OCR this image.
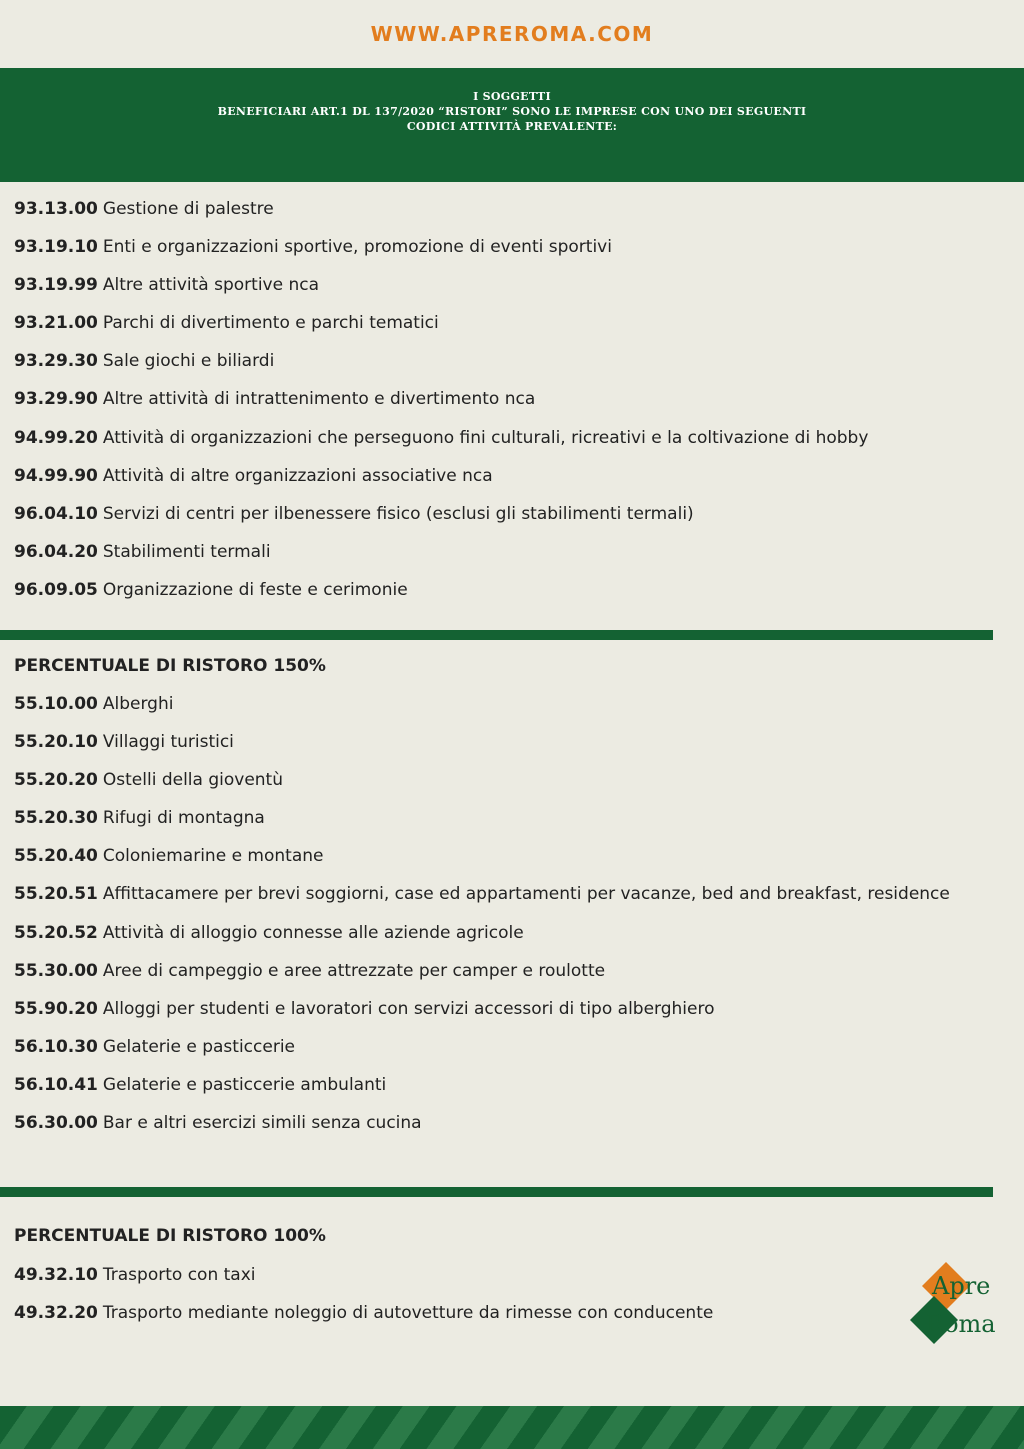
WWW.APREROMA.COM
I SOGGETTI
BENEFICIARI ART.1 DL 137/2020 “RISTORI” SONO LE IMPRESE CON UNO DEI SEGUENTI
CODICI ATTIVITÀ PREVALENTE:
93.13.00 Gestione di palestre
93.19.10 Enti e organizzazioni sportive, promozione di eventi sportivi
93.19.99 Altre attività sportive nca
93.21.00 Parchi di divertimento e parchi tematici
93.29.30 Sale giochi e biliardi
93.29.90 Altre attività di intrattenimento e divertimento nca
94.99.20 Attività di organizzazioni che perseguono fini culturali, ricreativi e la coltivazione di hobby
94.99.90 Attività di altre organizzazioni associative nca
96.04.10 Servizi di centri per ilbenessere fisico (esclusi gli stabilimenti termali)
96.04.20 Stabilimenti termali
96.09.05 Organizzazione di feste e cerimonie
PERCENTUALE DI RISTORO 150%
55.10.00 Alberghi
55.20.10 Villaggi turistici
55.20.20 Ostelli della gioventù
55.20.30 Rifugi di montagna
55.20.40 Coloniemarine e montane
55.20.51 Affittacamere per brevi soggiorni, case ed appartamenti per vacanze, bed and breakfast, residence
55.20.52 Attività di alloggio connesse alle aziende agricole
55.30.00 Aree di campeggio e aree attrezzate per camper e roulotte
55.90.20 Alloggi per studenti e lavoratori con servizi accessori di tipo alberghiero
56.10.30 Gelaterie e pasticcerie
56.10.41 Gelaterie e pasticcerie ambulanti
56.30.00 Bar e altri esercizi simili senza cucina
PERCENTUALE DI RISTORO 100%
49.32.10 Trasporto con taxi
49.32.20 Trasporto mediante noleggio di autovetture da rimesse con conducente
Apre
Roma
